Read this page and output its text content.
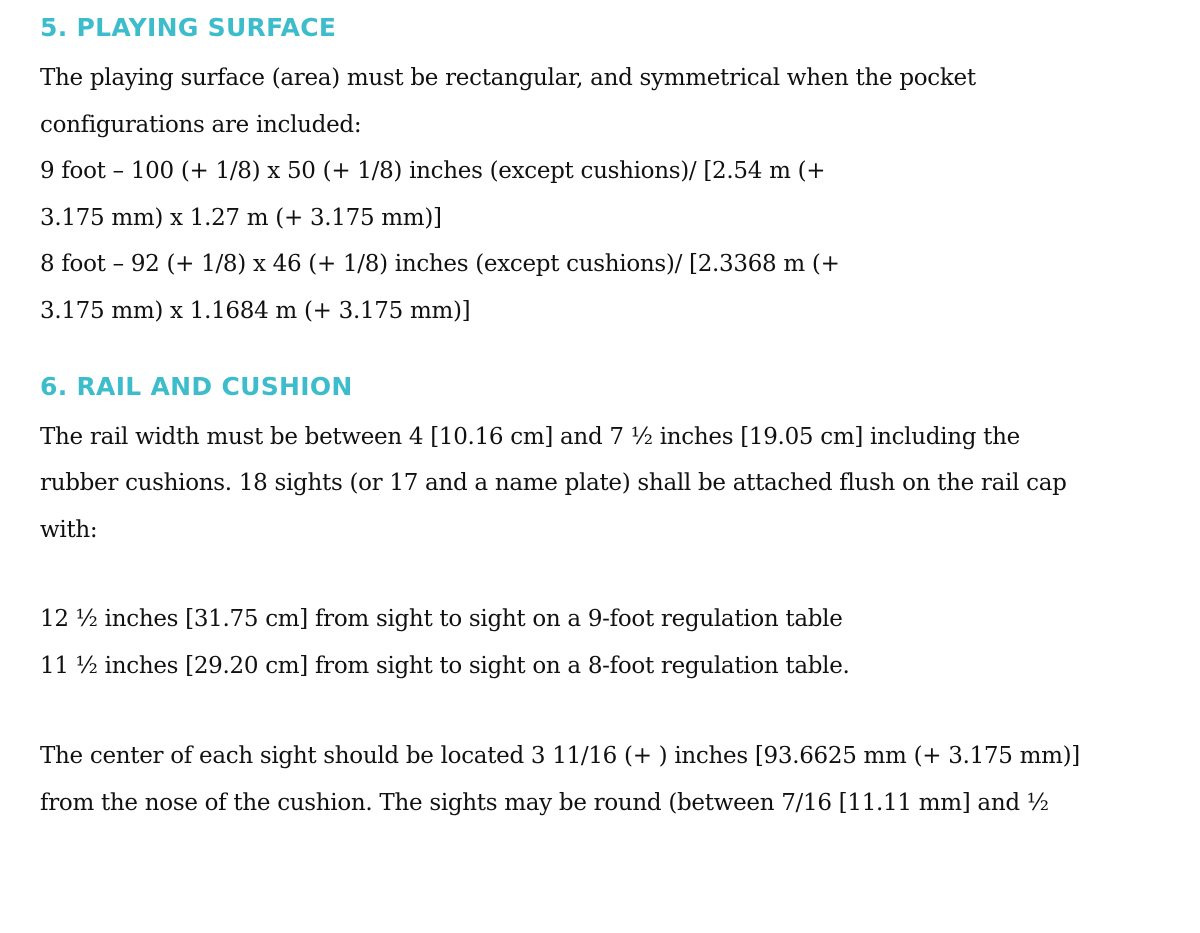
5. PLAYING SURFACE

The playing surface (area) must be rectangular, and symmetrical when the pocket

configurations are included:

9 foot – 100 (+ 1/8) x 50 (+ 1/8) inches (except cushions)/ [2.54 m (+

3.175 mm) x 1.27 m (+ 3.175 mm)]

8 foot – 92 (+ 1/8) x 46 (+ 1/8) inches (except cushions)/ [2.3368 m (+

3.175 mm) x 1.1684 m (+ 3.175 mm)]

6. RAIL AND CUSHION

The rail width must be between 4 [10.16 cm] and 7 ½ inches [19.05 cm] including the

rubber cushions. 18 sights (or 17 and a name plate) shall be attached flush on the rail cap

with:

12 ½ inches [31.75 cm] from sight to sight on a 9-foot regulation table

11 ½ inches [29.20 cm] from sight to sight on a 8-foot regulation table.

The center of each sight should be located 3 11/16 (+ ) inches [93.6625 mm (+ 3.175 mm)]

from the nose of the cushion. The sights may be round (between 7/16 [11.11 mm] and ½
